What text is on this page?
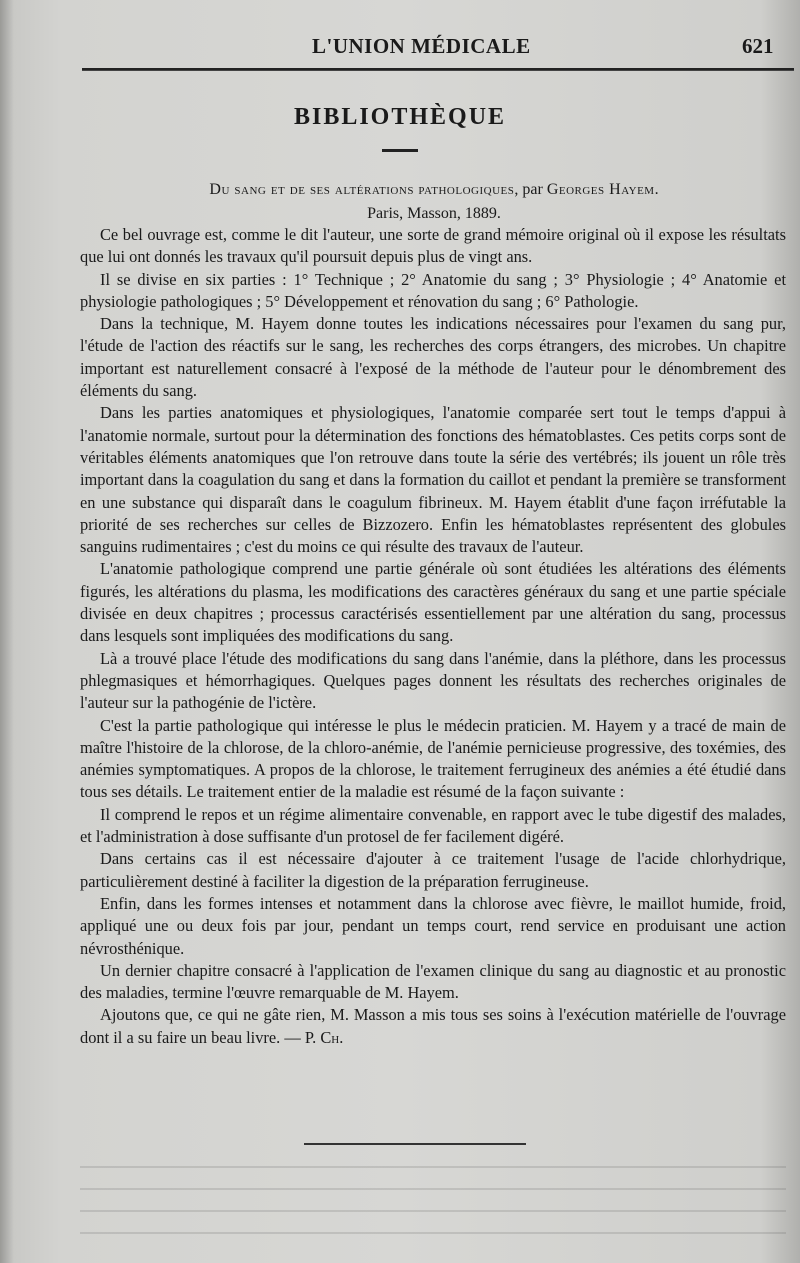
L'UNION MÉDICALE	621
BIBLIOTHÈQUE
Du sang et de ses altérations pathologiques, par Georges Hayem.
Paris, Masson, 1889.

Ce bel ouvrage est, comme le dit l'auteur, une sorte de grand mémoire original où il expose les résultats que lui ont donnés les travaux qu'il poursuit depuis plus de vingt ans.

Il se divise en six parties : 1° Technique ; 2° Anatomie du sang ; 3° Physiologie ; 4° Anatomie et physiologie pathologiques ; 5° Développement et rénovation du sang ; 6° Pathologie.

Dans la technique, M. Hayem donne toutes les indications nécessaires pour l'examen du sang pur, l'étude de l'action des réactifs sur le sang, les recherches des corps étrangers, des microbes. Un chapitre important est naturellement consacré à l'exposé de la méthode de l'auteur pour le dénombrement des éléments du sang.

Dans les parties anatomiques et physiologiques, l'anatomie comparée sert tout le temps d'appui à l'anatomie normale, surtout pour la détermination des fonctions des hématoblastes. Ces petits corps sont de véritables éléments anatomiques que l'on retrouve dans toute la série des vertébrés; ils jouent un rôle très important dans la coagulation du sang et dans la formation du caillot et pendant la première se transforment en une substance qui disparaît dans le coagulum fibrineux. M. Hayem établit d'une façon irréfutable la priorité de ses recherches sur celles de Bizzozero. Enfin les hématoblastes représentent des globules sanguins rudimentaires ; c'est du moins ce qui résulte des travaux de l'auteur.

L'anatomie pathologique comprend une partie générale où sont étudiées les altérations des éléments figurés, les altérations du plasma, les modifications des caractères généraux du sang et une partie spéciale divisée en deux chapitres ; processus caractérisés essentiellement par une altération du sang, processus dans lesquels sont impliquées des modifications du sang.

Là a trouvé place l'étude des modifications du sang dans l'anémie, dans la pléthore, dans les processus phlegmasiques et hémorrhagiques. Quelques pages donnent les résultats des recherches originales de l'auteur sur la pathogénie de l'ictère.

C'est la partie pathologique qui intéresse le plus le médecin praticien. M. Hayem y a tracé de main de maître l'histoire de la chlorose, de la chloro-anémie, de l'anémie pernicieuse progressive, des toxémies, des anémies symptomatiques. A propos de la chlorose, le traitement ferrugineux des anémies a été étudié dans tous ses détails. Le traitement entier de la maladie est résumé de la façon suivante :

Il comprend le repos et un régime alimentaire convenable, en rapport avec le tube digestif des malades, et l'administration à dose suffisante d'un protosel de fer facilement digéré.

Dans certains cas il est nécessaire d'ajouter à ce traitement l'usage de l'acide chlorhydrique, particulièrement destiné à faciliter la digestion de la préparation ferrugineuse.

Enfin, dans les formes intenses et notamment dans la chlorose avec fièvre, le maillot humide, froid, appliqué une ou deux fois par jour, pendant un temps court, rend service en produisant une action névrosthénique.

Un dernier chapitre consacré à l'application de l'examen clinique du sang au diagnostic et au pronostic des maladies, termine l'œuvre remarquable de M. Hayem.

Ajoutons que, ce qui ne gâte rien, M. Masson a mis tous ses soins à l'exécution matérielle de l'ouvrage dont il a su faire un beau livre. — P. Ch.
